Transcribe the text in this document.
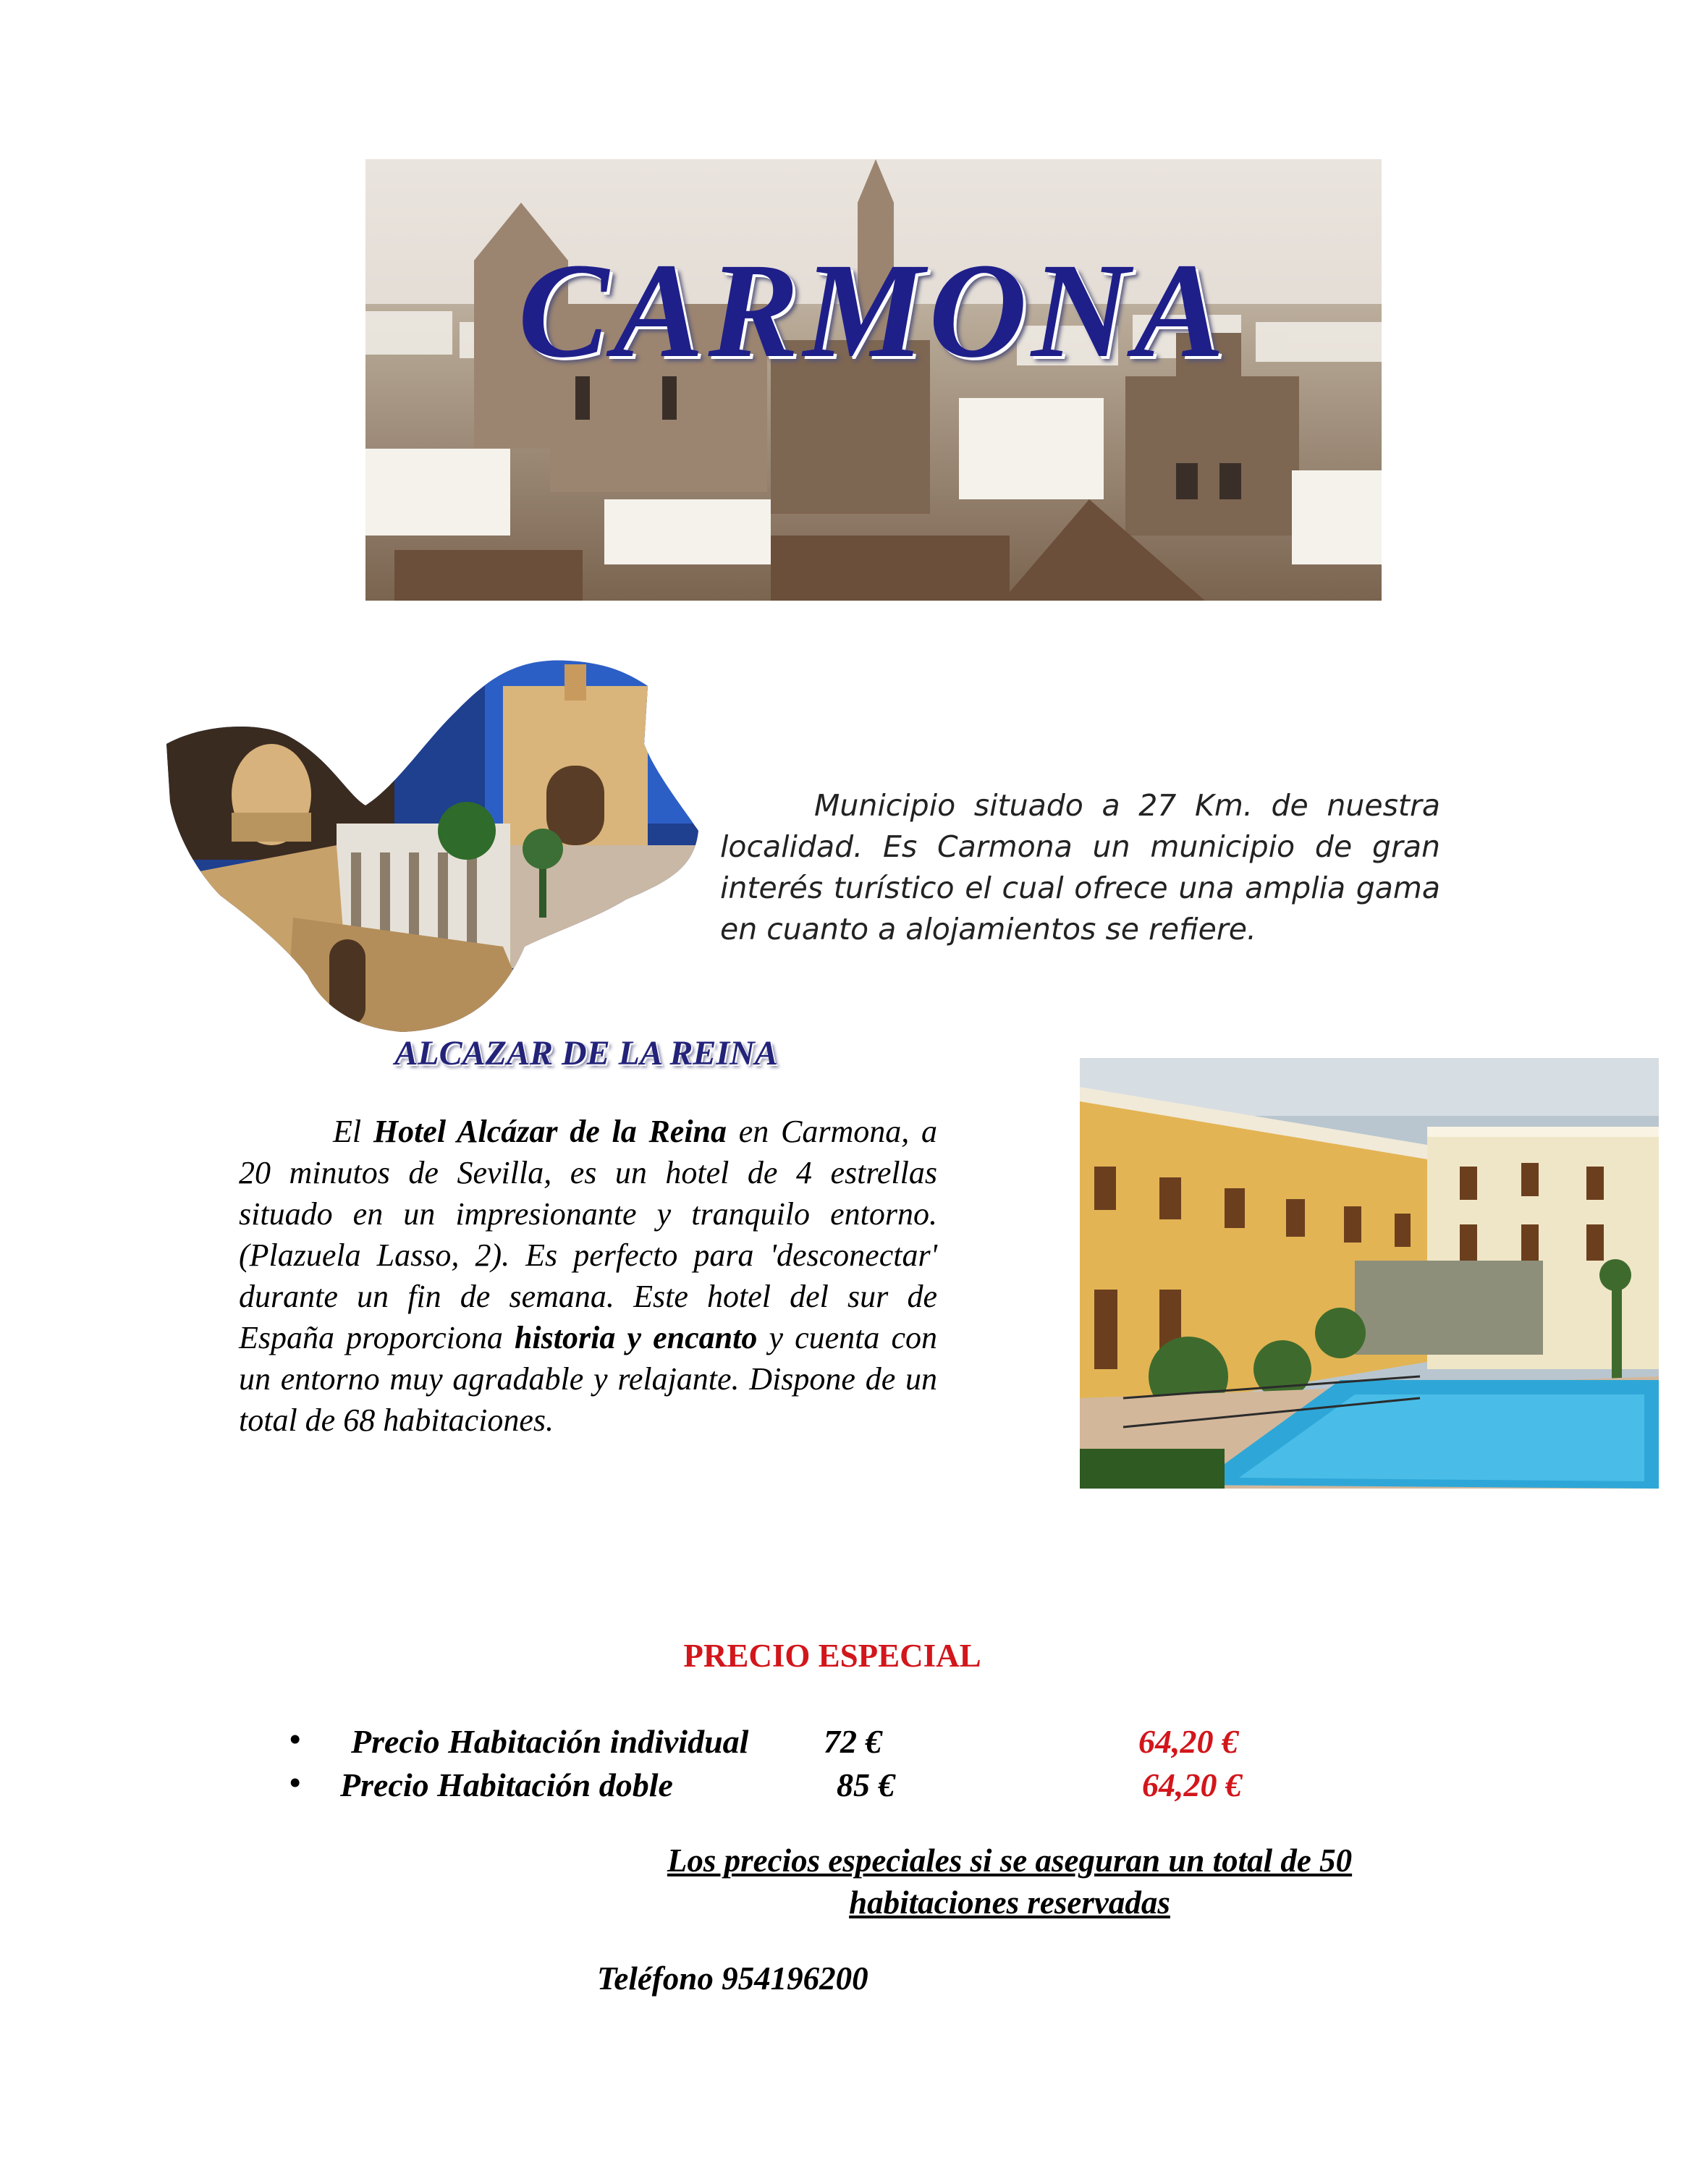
CARMONA

Municipio situado a 27 Km. de nuestra localidad. Es Carmona un municipio de gran interés turístico el cual ofrece una amplia gama en cuanto a alojamientos se refiere.

ALCAZAR DE LA REINA

El Hotel Alcázar de la Reina en Carmona, a 20 minutos de Sevilla, es un hotel de 4 estrellas situado en un impresionante y tranquilo entorno. (Plazuela Lasso, 2). Es perfecto para 'desconectar' durante un fin de semana. Este hotel del sur de España proporciona historia y encanto y cuenta con un entorno muy agradable y relajante. Dispone de un total de 68 habitaciones.

PRECIO ESPECIAL
• Precio Habitación individual 72 €	64,20 €
• Precio Habitación doble	85 €	64,20 €

Los precios especiales si se aseguran un total de 50 habitaciones reservadas

Teléfono 954196200
